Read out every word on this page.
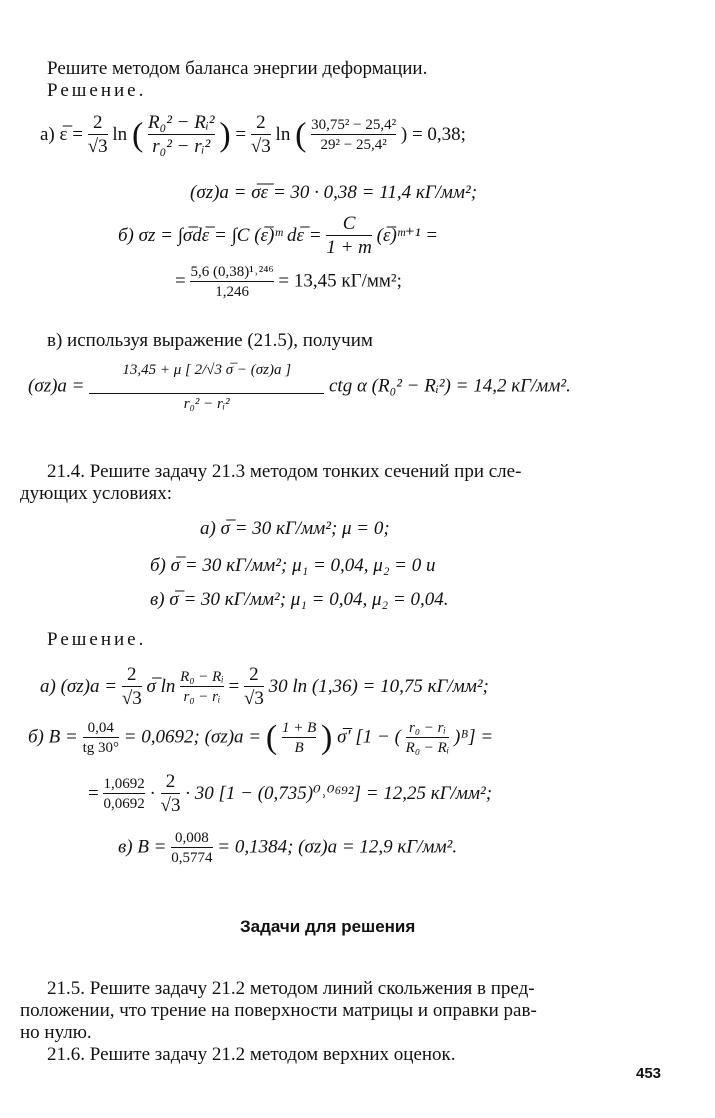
Решите методом баланса энергии деформации.
Решение.
а) ε̅ = $\frac{2}{√3}$ ln ( $\frac{\text{R₀² − Rᵢ²}}{\text{r₀² − rᵢ²}}$ ) = $\frac{2}{√3}$ ln ( $\frac{\text{30,75² − 25,4²}}{\text{29² − 25,4²}}$ ) = 0,38;
(σz)a = σ̅ε̅ = 30 · 0,38 = 11,4 кГ/мм²;
б) σz = ∫σ̅dε̅ = ∫C (ε̅)ᵐ dε̅ = $\frac{C}{1 + m}$ (ε̅)ᵐ⁺¹ =
= $\frac{\text{5,6 (0,38)¹˒²⁴⁶}}{1,246} = 13,45$ кГ/мм²;
в) используя выражение (21.5), получим
$(\sigma z)a = \frac{13,45 + \mu [ 2/√3 \sigma̅ - (\sigma z)a ]}{\text{r₀² − rᵢ²}}$ ctg α (R₀² − Rᵢ²) = 14,2 кГ/мм².
21.4. Решите задачу 21.3 методом тонких сечений при сле-
дующих условиях:
а) σ̅ = 30 кГ/мм²; μ = 0;
б) σ̅ = 30 кГ/мм²; μ₁ = 0,04, μ₂ = 0 и
в) σ̅ = 30 кГ/мм²; μ₁ = 0,04, μ₂ = 0,04.
Решение.
а) $(\sigma z)a = \frac{2}{√3}$ σ̅ $\ln \frac{\text{R₀ − Rᵢ}}{\text{r₀ − rᵢ}} = \frac{2}{√3} 30$ ln (1,36) = 10,75 кГ/мм²;
б) $B = \frac{0,04}{tg 30^\circ} = 0,0692$; (σz)a = ( $\frac{1 + B}{B}$ ) σ̅′ [1 − ( $\frac{\text{r₀ − rᵢ}}{\text{R₀ − Rᵢ}}$ )ᴮ] =
= $\frac{1,0692}{0,0692} \cdot \frac{2}{√3} \cdot 30$ [1 − (0,735)⁰˒⁰⁶⁹²] = 12,25 кГ/мм²;
в) $B = \frac{0,008}{0,5774} = 0,1384$; (σz)a = 12,9 кГ/мм².
Задачи для решения
21.5. Решите задачу 21.2 методом линий скольжения в пред-
положении, что трение на поверхности матрицы и оправки рав-
но нулю.
21.6. Решите задачу 21.2 методом верхних оценок.
453
